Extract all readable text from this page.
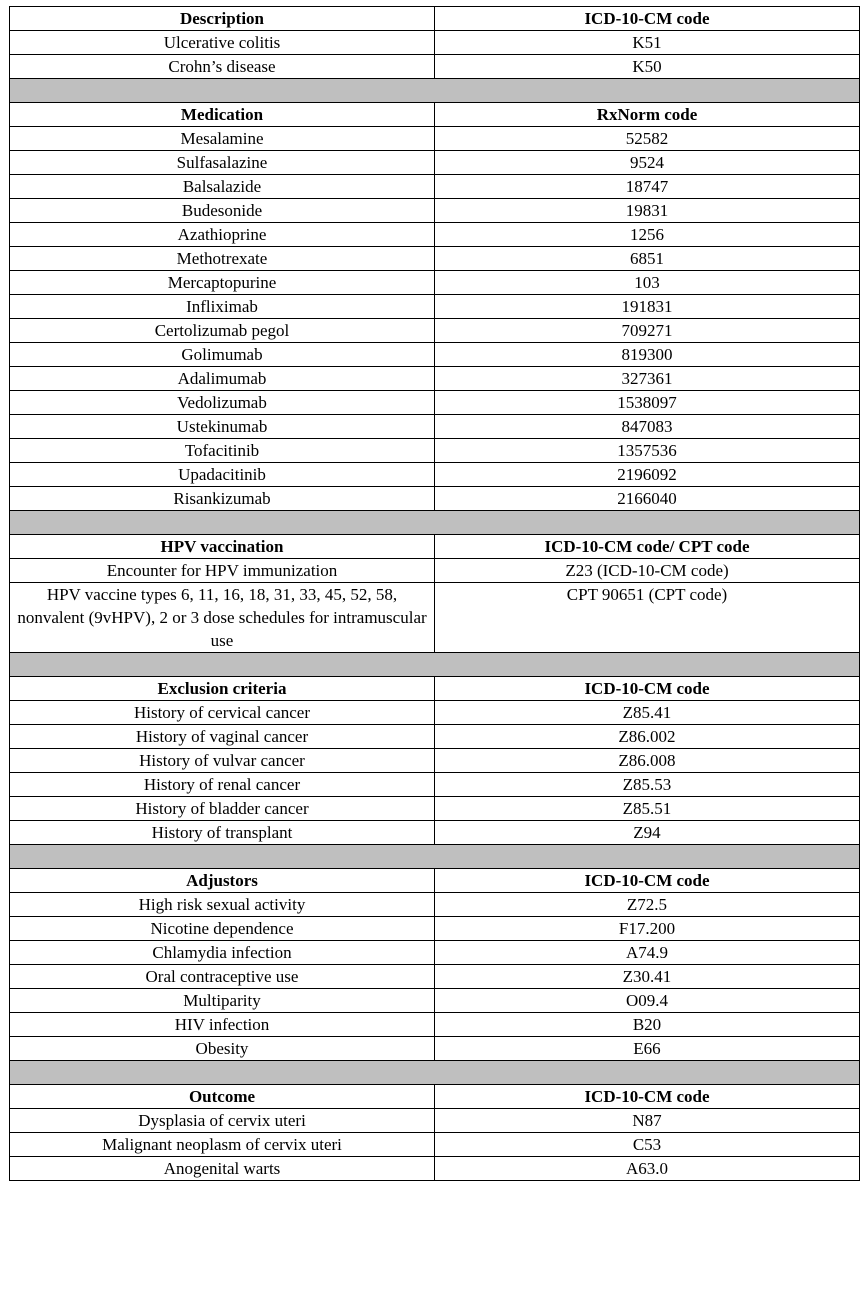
Description	ICD-10-CM code
Ulcerative colitis	K51
Crohn’s disease	K50

Medication	RxNorm code
Mesalamine	52582
Sulfasalazine	9524
Balsalazide	18747
Budesonide	19831
Azathioprine	1256
Methotrexate	6851
Mercaptopurine	103
Infliximab	191831
Certolizumab pegol	709271
Golimumab	819300
Adalimumab	327361
Vedolizumab	1538097
Ustekinumab	847083
Tofacitinib	1357536
Upadacitinib	2196092
Risankizumab	2166040

HPV vaccination	ICD-10-CM code/ CPT code
Encounter for HPV immunization	Z23 (ICD-10-CM code)
HPV vaccine types 6, 11, 16, 18, 31, 33, 45, 52, 58, nonvalent (9vHPV), 2 or 3 dose schedules for intramuscular use	CPT 90651 (CPT code)

Exclusion criteria	ICD-10-CM code
History of cervical cancer	Z85.41
History of vaginal cancer	Z86.002
History of vulvar cancer	Z86.008
History of renal cancer	Z85.53
History of bladder cancer	Z85.51
History of transplant	Z94

Adjustors	ICD-10-CM code
High risk sexual activity	Z72.5
Nicotine dependence	F17.200
Chlamydia infection	A74.9
Oral contraceptive use	Z30.41
Multiparity	O09.4
HIV infection	B20
Obesity	E66

Outcome	ICD-10-CM code
Dysplasia of cervix uteri	N87
Malignant neoplasm of cervix uteri	C53
Anogenital warts	A63.0
